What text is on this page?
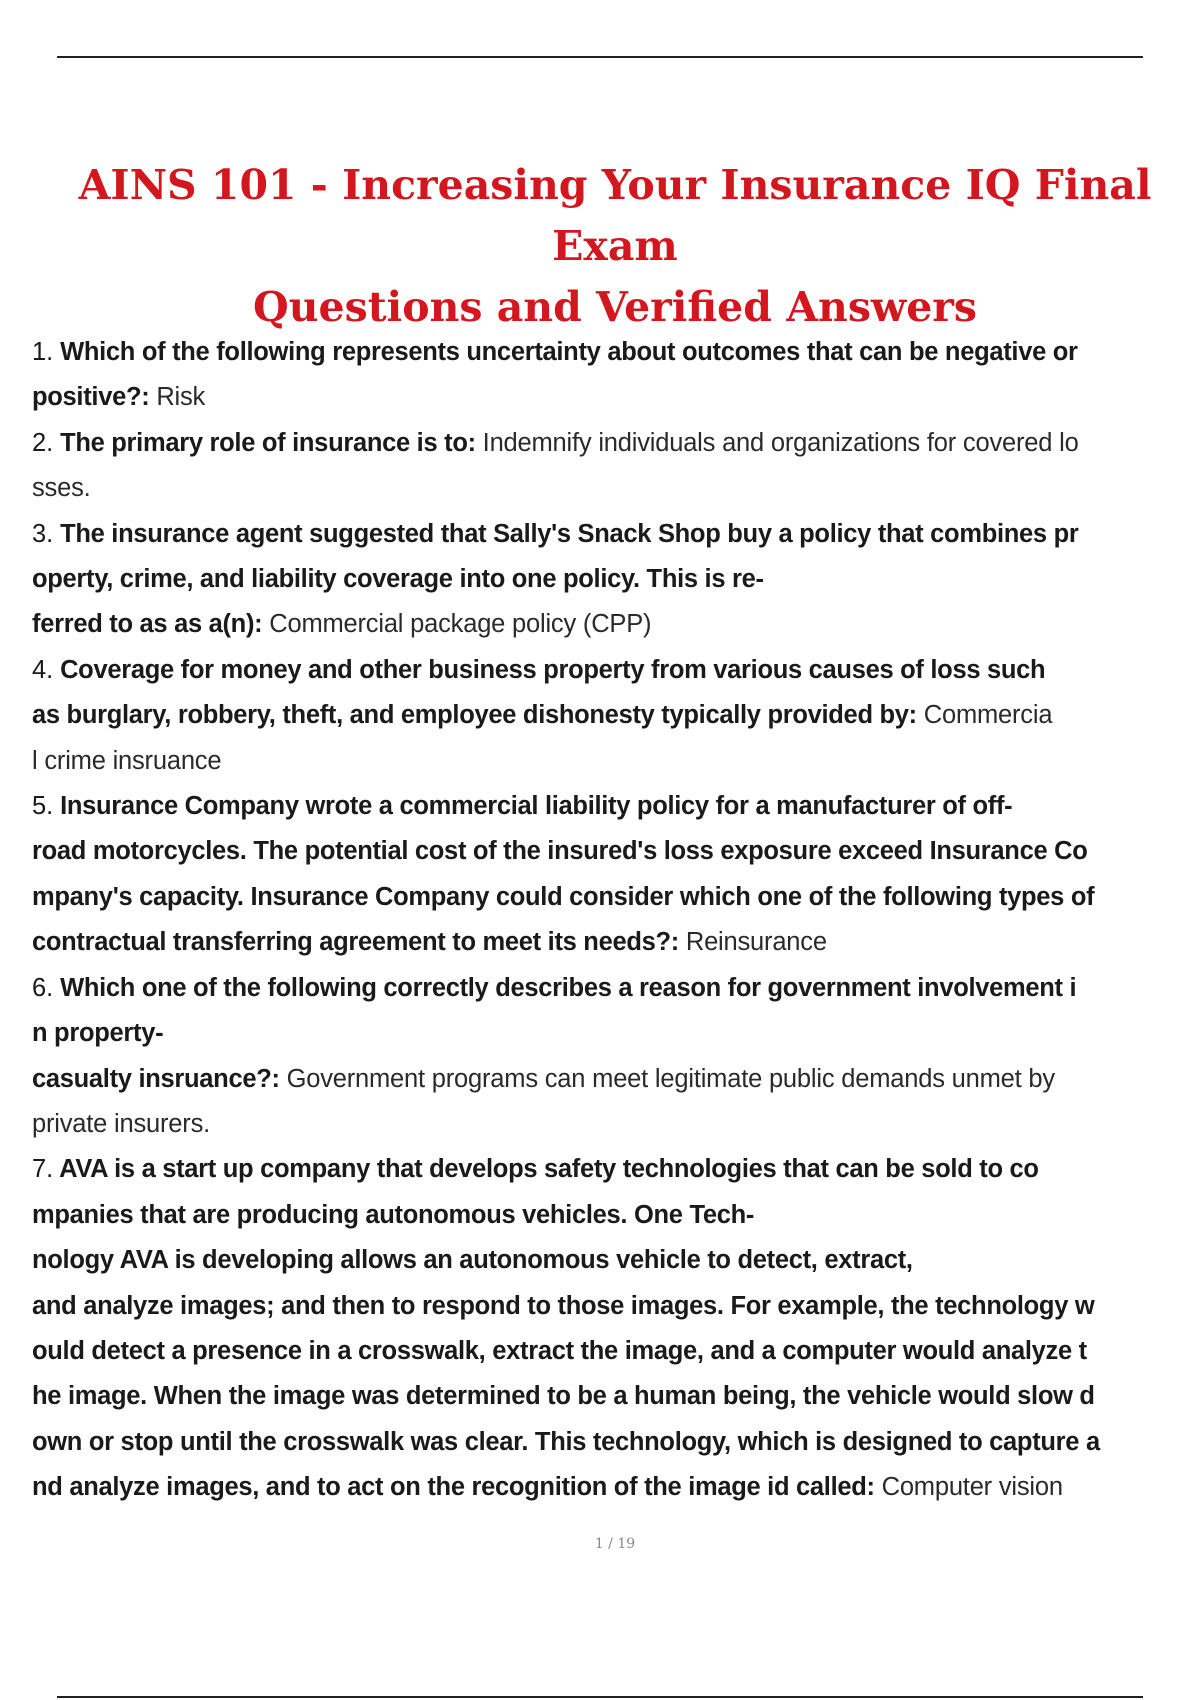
AINS 101 - Increasing Your Insurance IQ Final Exam
Questions and Verified Answers
1. Which of the following represents uncertainty about outcomes that can be negative or positive?: Risk
2. The primary role of insurance is to: Indemnify individuals and organizations for covered lo
sses.
3. The insurance agent suggested that Sally's Snack Shop buy a policy that combines pr
operty, crime, and liability coverage into one policy. This is re-
ferred to as as a(n): Commercial package policy (CPP)
4. Coverage for money and other business property from various causes of loss such
as burglary, robbery, theft, and employee dishonesty typically provided by: Commercia
l crime insruance
5. Insurance Company wrote a commercial liability policy for a manufacturer of off-
road motorcycles. The potential cost of the insured's loss exposure exceed Insurance Co
mpany's capacity. Insurance Company could consider which one of the following types of
contractual transferring agreement to meet its needs?: Reinsurance
6. Which one of the following correctly describes a reason for government involvement i
n property-
casualty insruance?: Government programs can meet legitimate public demands unmet by
private insurers.
7. AVA is a start up company that develops safety technologies that can be sold to co
mpanies that are producing autonomous vehicles. One Tech-
nology AVA is developing allows an autonomous vehicle to detect, extract,
and analyze images; and then to respond to those images. For example, the technology w
ould detect a presence in a crosswalk, extract the image, and a computer would analyze t
he image. When the image was determined to be a human being, the vehicle would slow d
own or stop until the crosswalk was clear. This technology, which is designed to capture a
nd analyze images, and to act on the recognition of the image id called: Computer vision
1 / 19
